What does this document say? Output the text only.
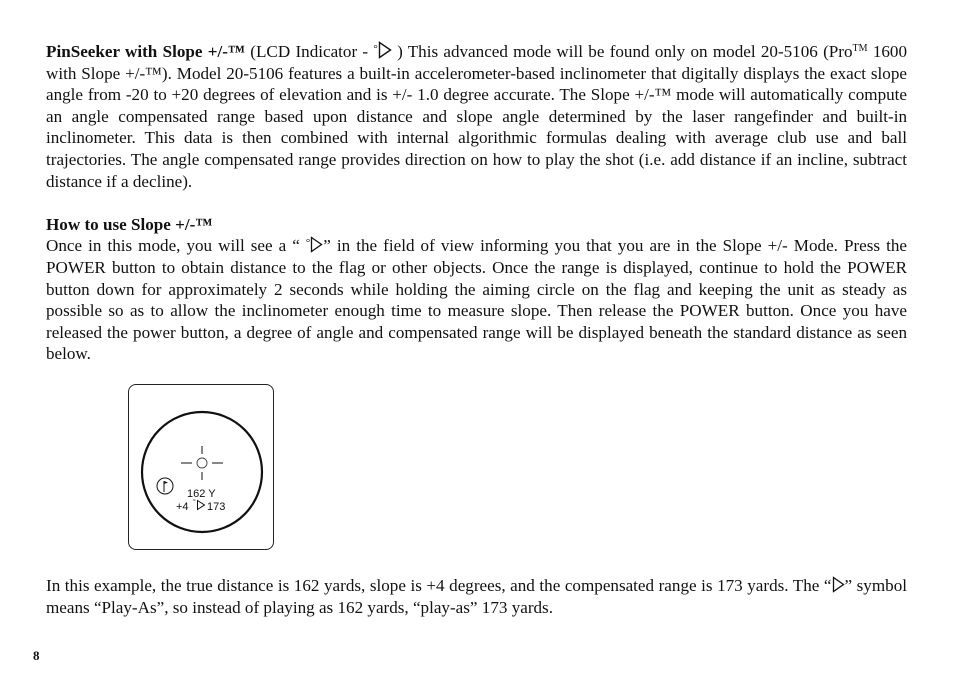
PinSeeker with Slope +/-™ (LCD Indicator - ° ) This advanced mode will be found only on model 20-5106 (Pro™ 1600 with Slope +/-™). Model 20-5106 features a built-in accelerometer-based inclinometer that digitally displays the exact slope angle from -20 to +20 degrees of elevation and is +/- 1.0 degree accurate. The Slope +/-™ mode will automatically compute an angle compensated range based upon distance and slope angle determined by the laser rangefinder and built-in inclinometer. This data is then combined with internal algorithmic formulas dealing with average club use and ball trajectories. The angle compensated range provides direction on how to play the shot (i.e. add distance if an incline, subtract distance if a decline).

How to use Slope +/-™
Once in this mode, you will see a “ ° ” in the field of view informing you that you are in the Slope +/- Mode. Press the POWER button to obtain distance to the flag or other objects. Once the range is displayed, continue to hold the POWER button down for approximately 2 seconds while holding the aiming circle on the flag and keeping the unit as steady as possible so as to allow the inclinometer enough time to measure slope. Then release the POWER button. Once you have released the power button, a degree of angle and compensated range will be displayed beneath the standard distance as seen below.

162 Y
+4 ° 173

In this example, the true distance is 162 yards, slope is +4 degrees, and the compensated range is 173 yards. The “ ” symbol means “Play-As”, so instead of playing as 162 yards, “play-as” 173 yards.

8
